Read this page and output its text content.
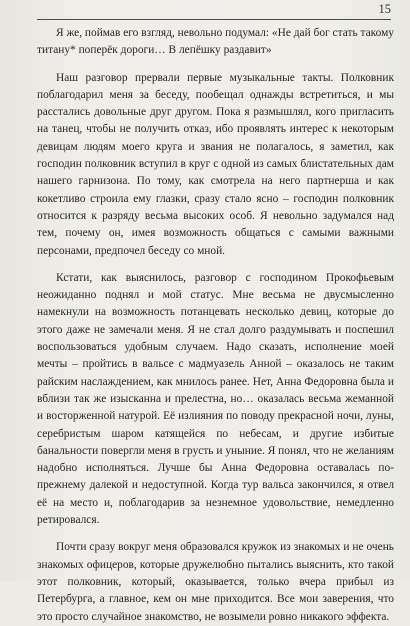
15

Я же, поймав его взгляд, невольно подумал: «Не дай бог стать такому титану* поперёк дороги… В лепёшку раздавит»

Наш разговор прервали первые музыкальные такты. Полковник поблагодарил меня за беседу, пообещал однажды встретиться, и мы расстались довольные друг другом. Пока я размышлял, кого пригласить на танец, чтобы не получить отказ, ибо проявлять интерес к некоторым девицам людям моего круга и звания не полагалось, я заметил, как господин полковник вступил в круг с одной из самых блистательных дам нашего гарнизона. По тому, как смотрела на него партнерша и как кокетливо строила ему глазки, сразу стало ясно – господин полковник относится к разряду весьма высоких особ. Я невольно задумался над тем, почему он, имея возможность общаться с самыми важными персонами, предпочел беседу со мной.

Кстати, как выяснилось, разговор с господином Прокофьевым неожиданно поднял и мой статус. Мне весьма не двусмысленно намекнули на возможность потанцевать несколько девиц, которые до этого даже не замечали меня. Я не стал долго раздумывать и поспешил воспользоваться удобным случаем. Надо сказать, исполнение моей мечты – пройтись в вальсе с мадмуазель Анной – оказалось не таким райским наслаждением, как мнилось ранее. Нет, Анна Федоровна была и вблизи так же изысканна и прелестна, но… оказалась весьма жеманной и восторженной натурой. Её излияния по поводу прекрасной ночи, луны, серебристым шаром катящейся по небесам, и другие избитые банальности повергли меня в грусть и уныние. Я понял, что не желаниям надобно исполняться. Лучше бы Анна Федоровна оставалась по-прежнему далекой и недоступной. Когда тур вальса закончился, я отвел её на место и, поблагодарив за незнемное удовольствие, немедленно ретировался.

Почти сразу вокруг меня образовался кружок из знакомых и не очень знакомых офицеров, которые дружелюбно пытались выяснить, кто такой этот полковник, который, оказывается, только вчера прибыл из Петербурга, а главное, кем он мне приходится. Все мои заверения, что это просто случайное знакомство, не возымели ровно никакого эффекта.
